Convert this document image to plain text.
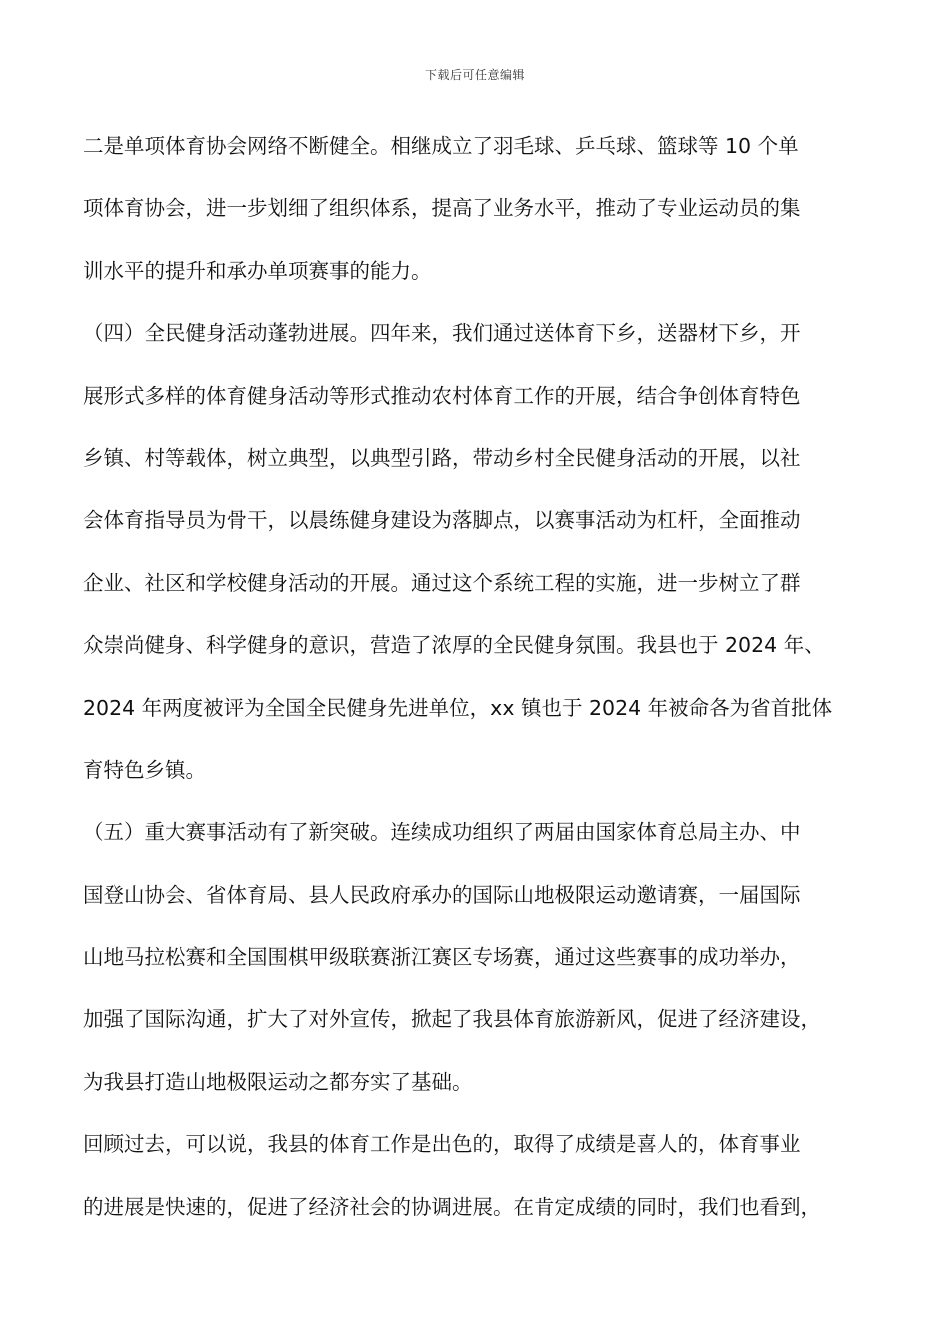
下载后可任意编辑
二是单项体育协会网络不断健全。相继成立了羽毛球、乒乓球、篮球等 10 个单
项体育协会，进一步划细了组织体系，提高了业务水平，推动了专业运动员的集
训水平的提升和承办单项赛事的能力。
（四）全民健身活动蓬勃进展。四年来，我们通过送体育下乡，送器材下乡，开
展形式多样的体育健身活动等形式推动农村体育工作的开展，结合争创体育特色
乡镇、村等载体，树立典型，以典型引路，带动乡村全民健身活动的开展，以社
会体育指导员为骨干，以晨练健身建设为落脚点，以赛事活动为杠杆，全面推动
企业、社区和学校健身活动的开展。通过这个系统工程的实施，进一步树立了群
众崇尚健身、科学健身的意识，营造了浓厚的全民健身氛围。我县也于 2024 年、
2024 年两度被评为全国全民健身先进单位，xx 镇也于 2024 年被命各为省首批体
育特色乡镇。
（五）重大赛事活动有了新突破。连续成功组织了两届由国家体育总局主办、中
国登山协会、省体育局、县人民政府承办的国际山地极限运动邀请赛，一届国际
山地马拉松赛和全国围棋甲级联赛浙江赛区专场赛，通过这些赛事的成功举办，
加强了国际沟通，扩大了对外宣传，掀起了我县体育旅游新风，促进了经济建设，
为我县打造山地极限运动之都夯实了基础。
回顾过去，可以说，我县的体育工作是出色的，取得了成绩是喜人的，体育事业
的进展是快速的，促进了经济社会的协调进展。在肯定成绩的同时，我们也看到，
